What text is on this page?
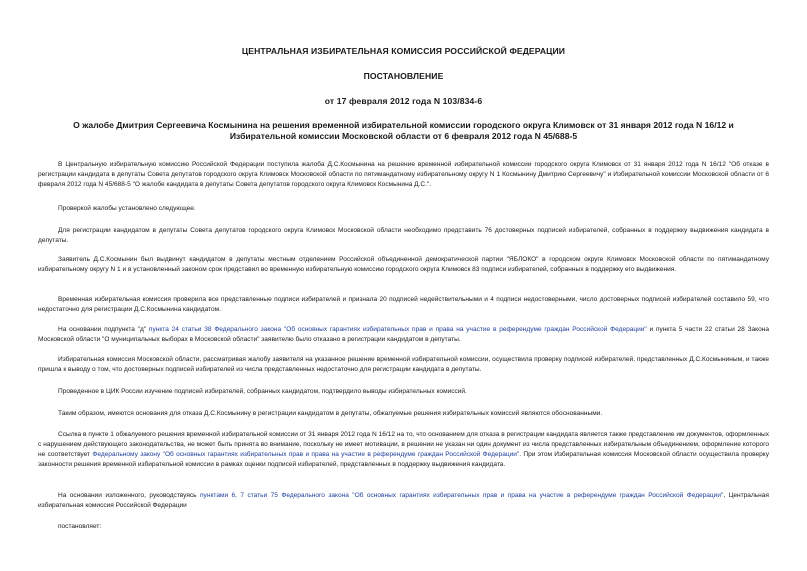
ЦЕНТРАЛЬНАЯ ИЗБИРАТЕЛЬНАЯ КОМИССИЯ РОССИЙСКОЙ ФЕДЕРАЦИИ
ПОСТАНОВЛЕНИЕ
от 17 февраля 2012 года N 103/834-6
О жалобе Дмитрия Сергеевича Космынина на решения временной избирательной комиссии городского округа Климовск от 31 января 2012 года N 16/12 и
Избирательной комиссии Московской области от 6 февраля 2012 года N 45/688-5

В Центральную избирательную комиссию Российской Федерации поступила жалоба Д.С.Космынина на решение временной избирательной комиссии городского округа Климовск от 31 января 2012 года N 16/12 "Об отказе в регистрации кандидата в депутаты Совета депутатов городского округа Климовск Московской области по пятимандатному избирательному округу N 1 Космынину Дмитрию Сергеевичу" и Избирательной комиссии Московской области от 6 февраля 2012 года N 45/688-5 "О жалобе кандидата в депутаты Совета депутатов городского округа Климовск Космынина Д.С.".

Проверкой жалобы установлено следующее.

Для регистрации кандидатом в депутаты Совета депутатов городского округа Климовск Московской области необходимо представить 76 достоверных подписей избирателей, собранных в поддержку выдвижения кандидата в депутаты.

Заявитель Д.С.Космынин был выдвинут кандидатом в депутаты местным отделением Российской объединенной демократической партии "ЯБЛОКО" в городском округе Климовск Московской области по пятимандатному избирательному округу N 1 и в установленный законом срок представил во временную избирательную комиссию городского округа Климовск 83 подписи избирателей, собранных в поддержку его выдвижения.

Временная избирательная комиссия проверила все представленные подписи избирателей и признала 20 подписей недействительными и 4 подписи недостоверными, число достоверных подписей избирателей составило 59, что недостаточно для регистрации Д.С.Космынина кандидатом.

На основании подпункта "д" пункта 24 статьи 38 Федерального закона "Об основных гарантиях избирательных прав и права на участие в референдуме граждан Российской Федерации" и пункта 5 части 22 статьи 28 Закона Московской области "О муниципальных выборах в Московской области" заявителю было отказано в регистрации кандидатом в депутаты.

Избирательная комиссия Московской области, рассматривая жалобу заявителя на указанное решение временной избирательной комиссии, осуществила проверку подписей избирателей, представленных Д.С.Космыниным, и также пришла к выводу о том, что достоверных подписей избирателей из числа представленных недостаточно для регистрации кандидата в депутаты.

Проведенное в ЦИК России изучение подписей избирателей, собранных кандидатом, подтвердило выводы избирательных комиссий.

Таким образом, имеются основания для отказа Д.С.Космынину в регистрации кандидатом в депутаты, обжалуемые решения избирательных комиссий являются обоснованными.

Ссылка в пункте 1 обжалуемого решения временной избирательной комиссии от 31 января 2012 года N 16/12 на то, что основанием для отказа в регистрации кандидата является также представление им документов, оформленных с нарушением действующего законодательства, не может быть принята во внимание, поскольку не имеет мотивации, в решении не указан ни один документ из числа представленных избирательным объединением, оформление которого не соответствует Федеральному закону "Об основных гарантиях избирательных прав и права на участие в референдуме граждан Российской Федерации". При этом Избирательная комиссия Московской области осуществила проверку законности решения временной избирательной комиссии в рамках оценки подписей избирателей, представленных в поддержку выдвижения кандидата.

На основании изложенного, руководствуясь пунктами 6, 7 статьи 75 Федерального закона "Об основных гарантиях избирательных прав и права на участие в референдуме граждан Российской Федерации", Центральная избирательная комиссия Российской Федерации

постановляет:
